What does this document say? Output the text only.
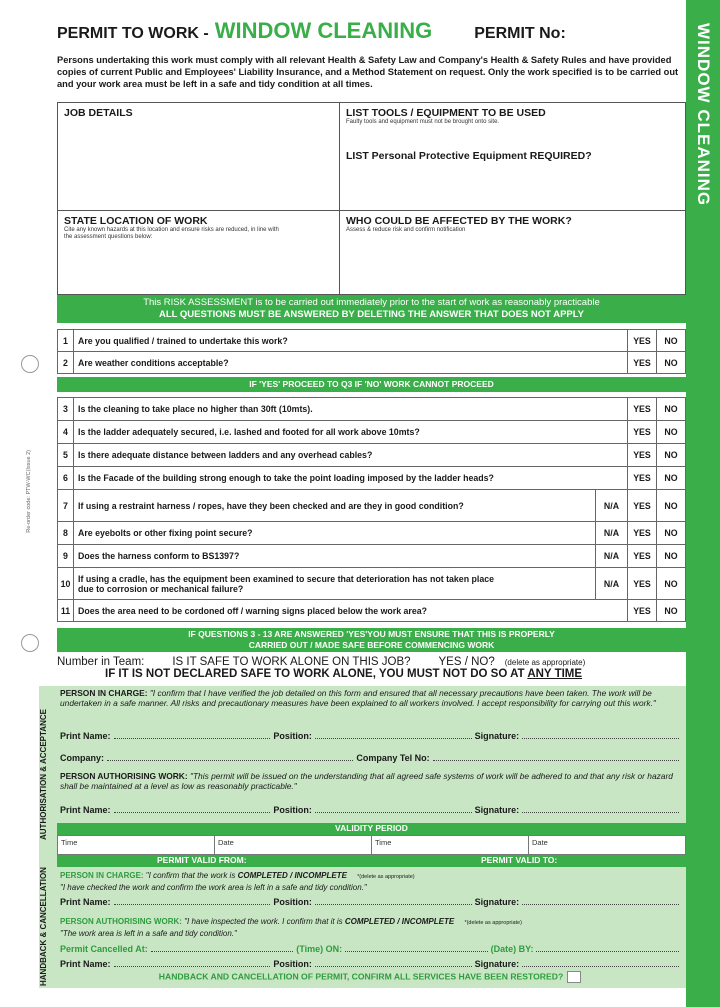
WINDOW CLEANING
Re-order code: PTW-WC(Issue 2)
PERMIT TO WORK - WINDOW CLEANING	PERMIT No:
Persons undertaking this work must comply with all relevant Health & Safety Law and Company's Health & Safety Rules and have provided copies of current Public and Employees' Liability Insurance, and a Method Statement on request. Only the work specified is to be carried out and your work area must be left in a safe and tidy condition at all times.
JOB DETAILS	LIST TOOLS / EQUIPMENT TO BE USED
Faulty tools and equipment must not be brought onto site.
LIST Personal Protective Equipment REQUIRED?
STATE LOCATION OF WORK
Cite any known hazards at this location and ensure risks are reduced, in line with the assessment questions below:
WHO COULD BE AFFECTED BY THE WORK?
Assess & reduce risk and confirm notification
This RISK ASSESSMENT is to be carried out immediately prior to the start of work as reasonably practicable
ALL QUESTIONS MUST BE ANSWERED BY DELETING THE ANSWER THAT DOES NOT APPLY
1	Are you qualified / trained to undertake this work?	YES	NO
2	Are weather conditions acceptable?	YES	NO
IF 'YES' PROCEED TO Q3 IF 'NO' WORK CANNOT PROCEED
3	Is the cleaning to take place no higher than 30ft (10mts).		YES	NO
4	Is the ladder adequately secured, i.e. lashed and footed for all work above 10mts?		YES	NO
5	Is there adequate distance between ladders and any overhead cables?		YES	NO
6	Is the Facade of the building strong enough to take the point loading imposed by the ladder heads?		YES	NO
7	If using a restraint harness / ropes, have they been checked and are they in good condition?	N/A	YES	NO
8	Are eyebolts or other fixing point secure?	N/A	YES	NO
9	Does the harness conform to BS1397?	N/A	YES	NO
10	If using a cradle, has the equipment been examined to secure that deterioration has not taken place due to corrosion or mechanical failure?	N/A	YES	NO
11	Does the area need to be cordoned off / warning signs placed below the work area?		YES	NO
IF QUESTIONS 3 - 13 ARE ANSWERED 'YES'YOU MUST ENSURE THAT THIS IS PROPERLY
CARRIED OUT / MADE SAFE BEFORE COMMENCING WORK
Number in Team: IS IT SAFE TO WORK ALONE ON THIS JOB? YES / NO? (delete as appropriate)
IF IT IS NOT DECLARED SAFE TO WORK ALONE, YOU MUST NOT DO SO AT ANY TIME
AUTHORISATION & ACCEPTANCE
HANDBACK & CANCELLATION
PERSON IN CHARGE: "I confirm that I have verified the job detailed on this form and ensured that all necessary precautions have been taken. The work will be undertaken in a safe manner. All risks and precautionary measures have been explained to all workers involved. I accept responsibility for carrying out this work."
Print Name:	Position:	Signature:
Company:	Company Tel No:
PERSON AUTHORISING WORK: "This permit will be issued on the understanding that all agreed safe systems of work will be adhered to and that any risk or hazard shall be maintained at a level as low as reasonably practicable."
Print Name:	Position:	Signature:
VALIDITY PERIOD
Time	Date	Time	Date
PERMIT VALID FROM:	PERMIT VALID TO:
PERSON IN CHARGE: "I confirm that the work is COMPLETED / INCOMPLETE *(delete as appropriate)
"I have checked the work and confirm the work area is left in a safe and tidy condition."
Print Name:	Position:	Signature:
PERSON AUTHORISING WORK: "I have inspected the work. I confirm that it is COMPLETED / INCOMPLETE *(delete as appropriate)
"The work area is left in a safe and tidy condition."
Permit Cancelled At:	(Time) ON:	(Date) BY:
Print Name:	Position:	Signature:
HANDBACK AND CANCELLATION OF PERMIT, CONFIRM ALL SERVICES HAVE BEEN RESTORED?
